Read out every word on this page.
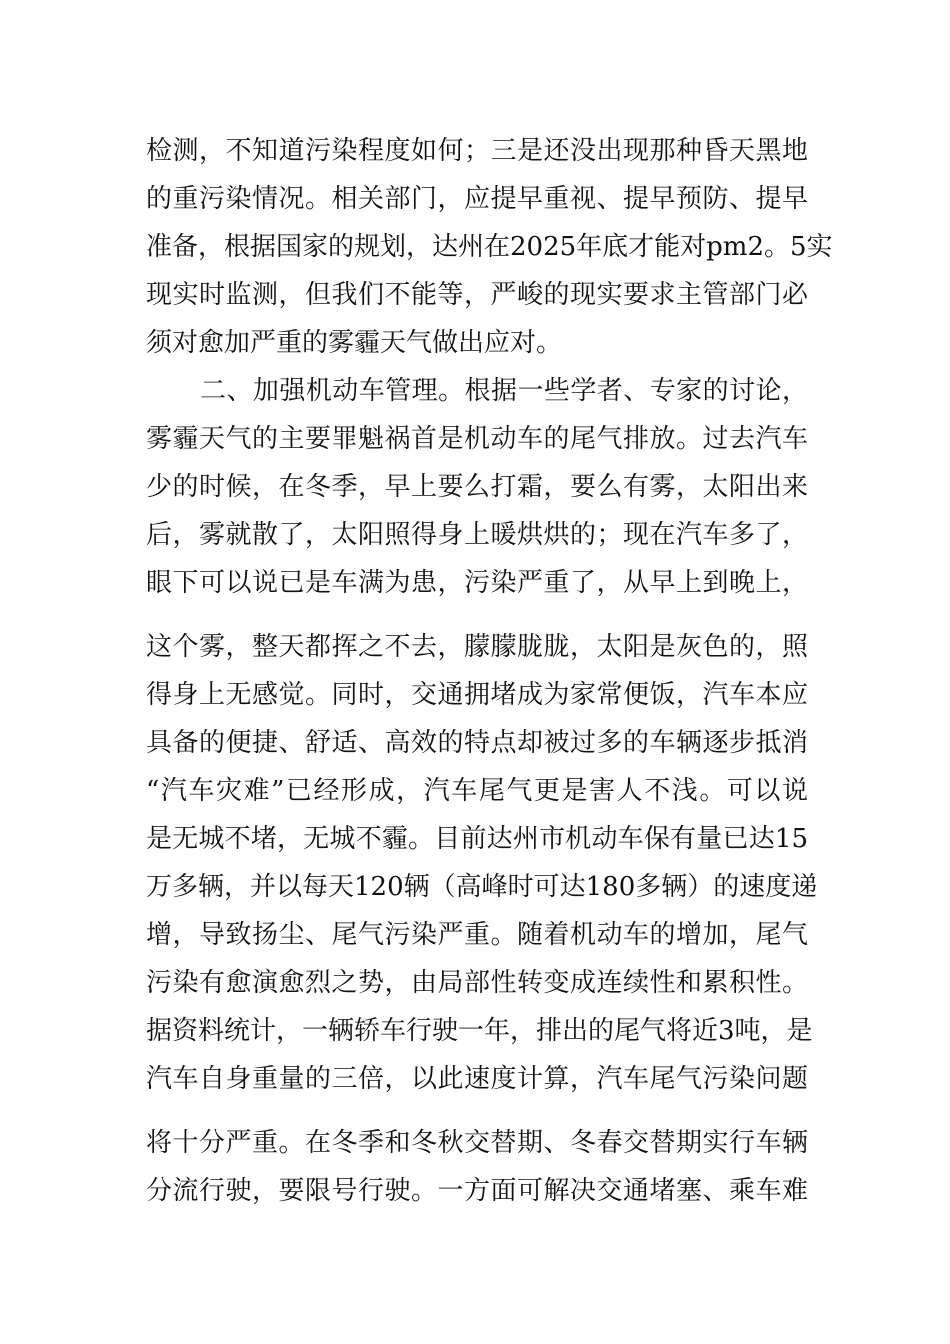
检测，不知道污染程度如何；三是还没出现那种昏天黑地
的重污染情况。相关部门，应提早重视、提早预防、提早
准备，根据国家的规划，达州在2025年底才能对pm2。5实
现实时监测，但我们不能等，严峻的现实要求主管部门必
须对愈加严重的雾霾天气做出应对。
二、加强机动车管理。根据一些学者、专家的讨论，
雾霾天气的主要罪魁祸首是机动车的尾气排放。过去汽车
少的时候，在冬季，早上要么打霜，要么有雾，太阳出来
后，雾就散了，太阳照得身上暖烘烘的；现在汽车多了，
眼下可以说已是车满为患，污染严重了，从早上到晚上，
这个雾，整天都挥之不去，朦朦胧胧，太阳是灰色的，照
得身上无感觉。同时，交通拥堵成为家常便饭，汽车本应
具备的便捷、舒适、高效的特点却被过多的车辆逐步抵消
“汽车灾难”已经形成，汽车尾气更是害人不浅。可以说
是无城不堵，无城不霾。目前达州市机动车保有量已达15
万多辆，并以每天120辆（高峰时可达180多辆）的速度递
增，导致扬尘、尾气污染严重。随着机动车的增加，尾气
污染有愈演愈烈之势，由局部性转变成连续性和累积性。
据资料统计，一辆轿车行驶一年，排出的尾气将近3吨，是
汽车自身重量的三倍，以此速度计算，汽车尾气污染问题
将十分严重。在冬季和冬秋交替期、冬春交替期实行车辆
分流行驶，要限号行驶。一方面可解决交通堵塞、乘车难
